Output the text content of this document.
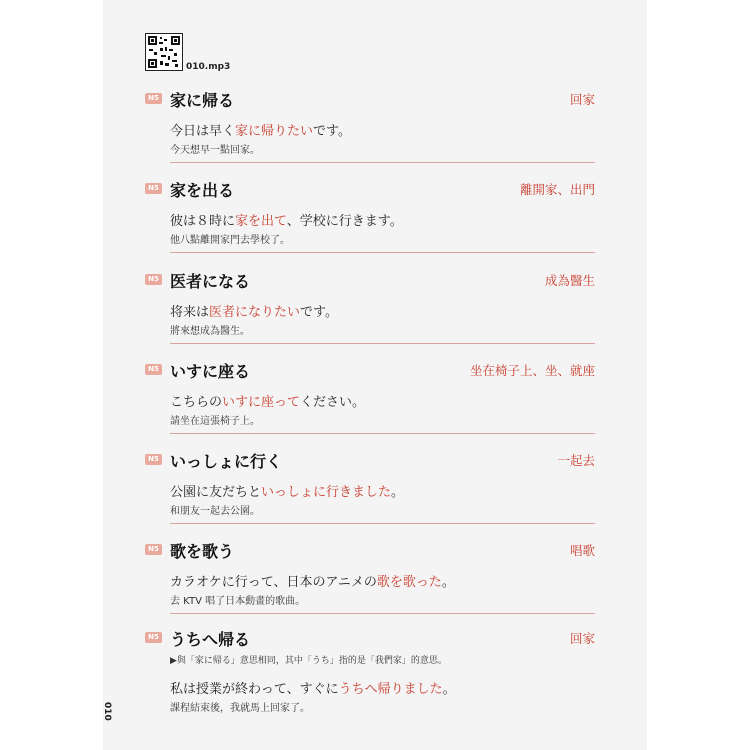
010.mp3
N5 家に帰る	回家
今日は早く家に帰りたいです。
今天想早一點回家。
N5 家を出る	離開家、出門
彼は８時に家を出て、学校に行きます。
他八點離開家門去學校了。
N5 医者になる	成為醫生
将来は医者になりたいです。
將來想成為醫生。
N5 いすに座る	坐在椅子上、坐、就座
こちらのいすに座ってください。
請坐在這張椅子上。
N5 いっしょに行く	一起去
公園に友だちといっしょに行きました。
和朋友一起去公園。
N5 歌を歌う	唱歌
カラオケに行って、日本のアニメの歌を歌った。
去 KTV 唱了日本動畫的歌曲。
N5 うちへ帰る	回家
▶與「家に帰る」意思相同，其中「うち」指的是「我們家」的意思。
私は授業が終わって、すぐにうちへ帰りました。
課程結束後，我就馬上回家了。
010
